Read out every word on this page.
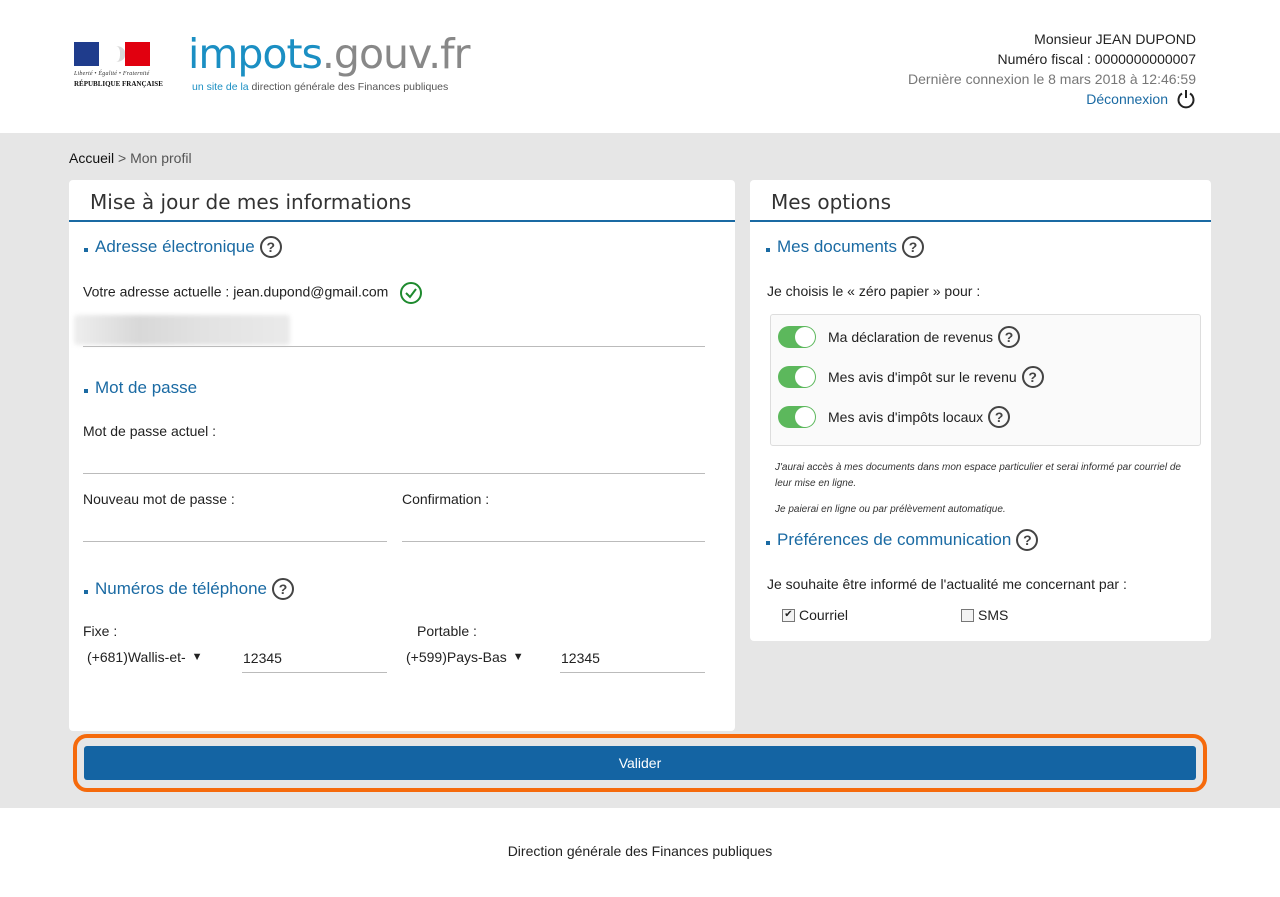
Liberté • Égalité • Fraternité
RÉPUBLIQUE FRANÇAISE
impots.gouv.fr
un site de la direction générale des Finances publiques
Monsieur JEAN DUPOND
Numéro fiscal : 0000000000007
Dernière connexion le 8 mars 2018 à 12:46:59
Déconnexion
Accueil > Mon profil
Mise à jour de mes informations
Adresse électronique ?
Votre adresse actuelle : jean.dupond@gmail.com
Mot de passe
Mot de passe actuel :
Nouveau mot de passe :	Confirmation :
Numéros de téléphone ?
Fixe :
(+681)Wallis-et- ▼
12345
Portable :
(+599)Pays-Bas ▼
12345
Mes options
Mes documents ?
Je choisis le « zéro papier » pour :
Ma déclaration de revenus ?
Mes avis d'impôt sur le revenu ?
Mes avis d'impôts locaux ?
J'aurai accès à mes documents dans mon espace particulier et serai informé par courriel de leur mise en ligne.
Je paierai en ligne ou par prélèvement automatique.
Préférences de communication ?
Je souhaite être informé de l'actualité me concernant par :
✔ Courriel	SMS
Valider
Direction générale des Finances publiques
